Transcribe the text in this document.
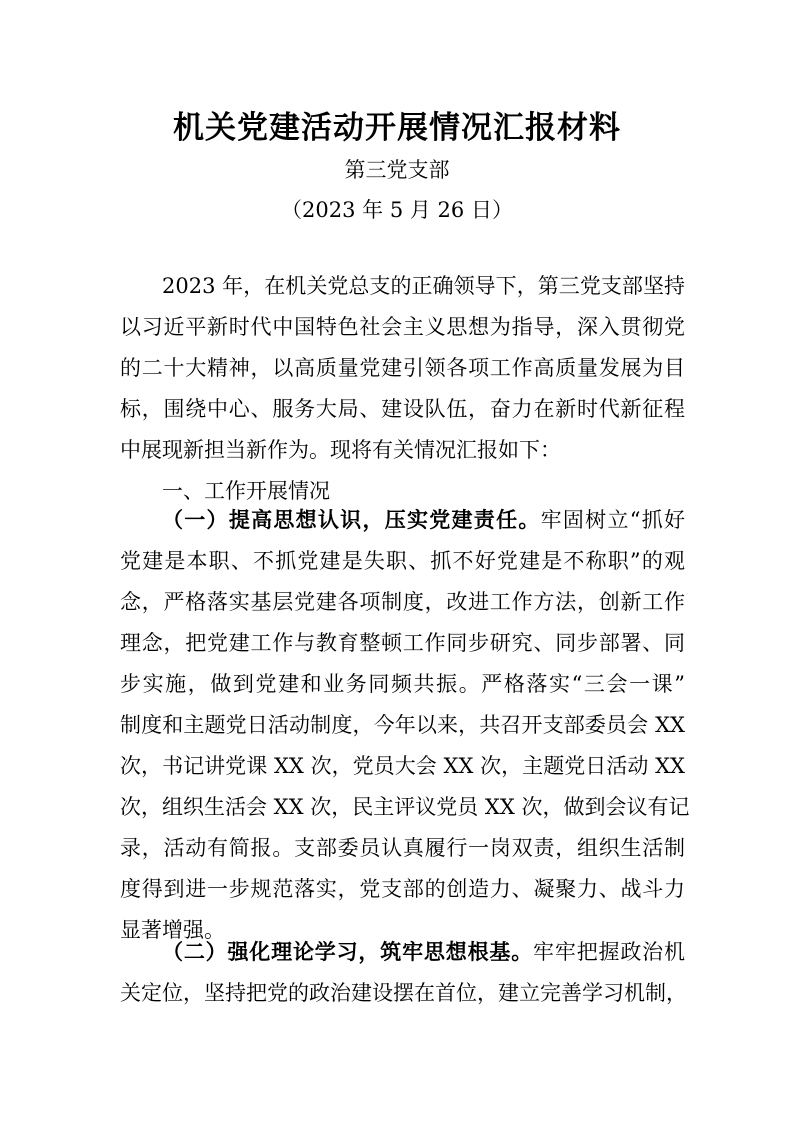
机关党建活动开展情况汇报材料
第三党支部
（2023 年 5 月 26 日）
2023 年，在机关党总支的正确领导下，第三党支部坚持
以习近平新时代中国特色社会主义思想为指导，深入贯彻党
的二十大精神，以高质量党建引领各项工作高质量发展为目
标，围绕中心、服务大局、建设队伍，奋力在新时代新征程
中展现新担当新作为。现将有关情况汇报如下：
一、工作开展情况
（一）提高思想认识，压实党建责任。牢固树立“抓好
党建是本职、不抓党建是失职、抓不好党建是不称职”的观
念，严格落实基层党建各项制度，改进工作方法，创新工作
理念，把党建工作与教育整顿工作同步研究、同步部署、同
步实施，做到党建和业务同频共振。严格落实“三会一课”
制度和主题党日活动制度，今年以来，共召开支部委员会 XX
次，书记讲党课 XX 次，党员大会 XX 次，主题党日活动 XX
次，组织生活会 XX 次，民主评议党员 XX 次，做到会议有记
录，活动有简报。支部委员认真履行一岗双责，组织生活制
度得到进一步规范落实，党支部的创造力、凝聚力、战斗力
显著增强。
（二）强化理论学习，筑牢思想根基。牢牢把握政治机
关定位，坚持把党的政治建设摆在首位，建立完善学习机制，
